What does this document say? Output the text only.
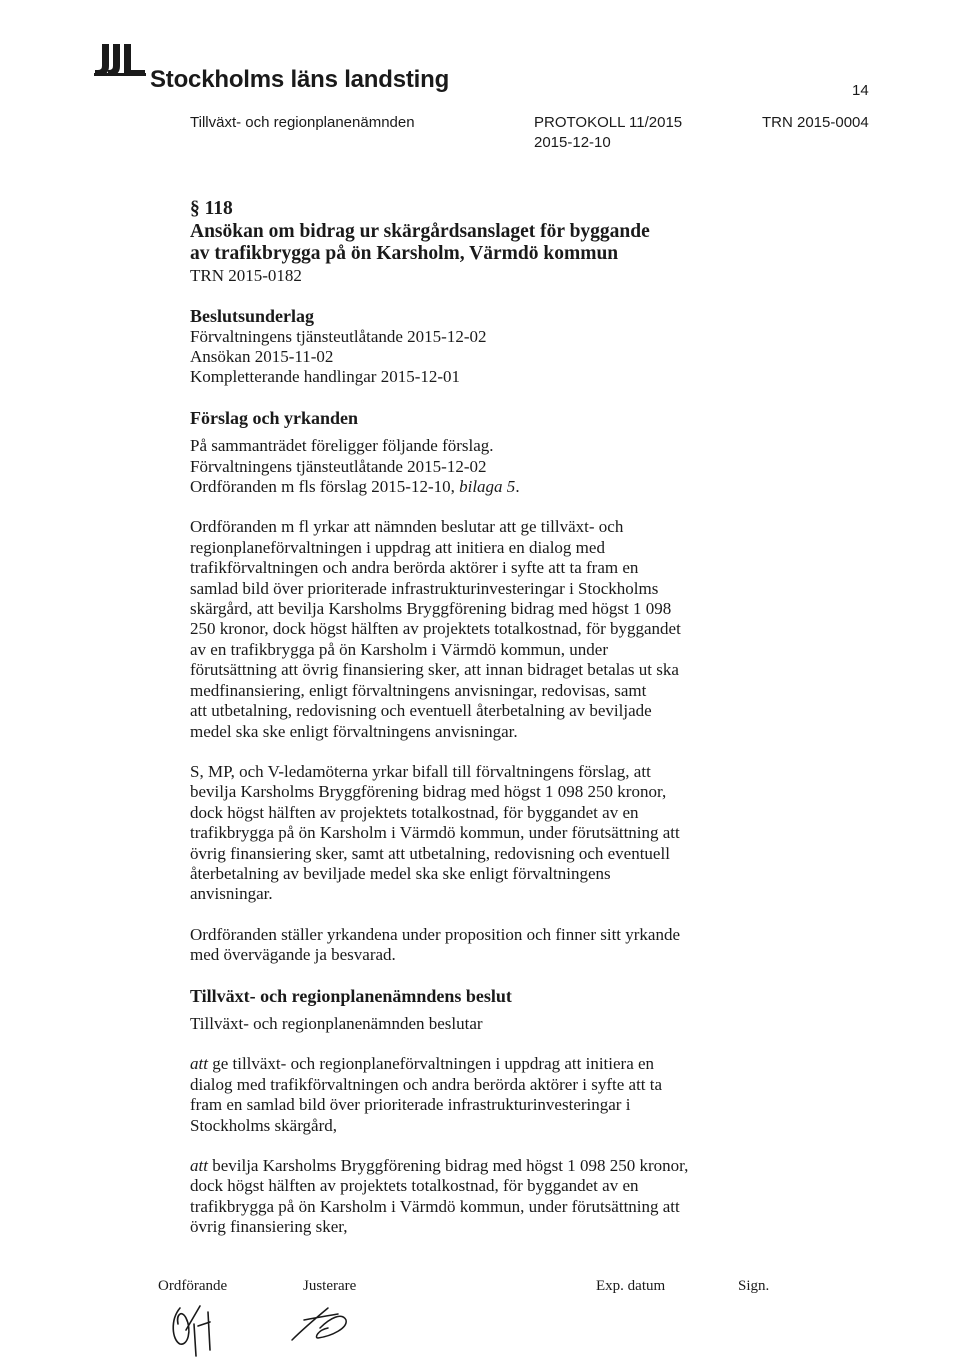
Stockholms läns landsting	14
Tillväxt- och regionplanenämnden	PROTOKOLL 11/2015
2015-12-10
TRN 2015-0004
§ 118
Ansökan om bidrag ur skärgårdsanslaget för byggande
av trafikbrygga på ön Karsholm, Värmdö kommun
TRN 2015-0182
Beslutsunderlag
Förvaltningens tjänsteutlåtande 2015-12-02
Ansökan 2015-11-02
Kompletterande handlingar 2015-12-01
Förslag och yrkanden
På sammanträdet föreligger följande förslag.
Förvaltningens tjänsteutlåtande 2015-12-02
Ordföranden m fls förslag 2015-12-10, bilaga 5.
Ordföranden m fl yrkar att nämnden beslutar att ge tillväxt- och
regionplaneförvaltningen i uppdrag att initiera en dialog med
trafikförvaltningen och andra berörda aktörer i syfte att ta fram en
samlad bild över prioriterade infrastrukturinvesteringar i Stockholms
skärgård, att bevilja Karsholms Bryggförening bidrag med högst 1 098
250 kronor, dock högst hälften av projektets totalkostnad, för byggandet
av en trafikbrygga på ön Karsholm i Värmdö kommun, under
förutsättning att övrig finansiering sker, att innan bidraget betalas ut ska
medfinansiering, enligt förvaltningens anvisningar, redovisas, samt
att utbetalning, redovisning och eventuell återbetalning av beviljade
medel ska ske enligt förvaltningens anvisningar.
S, MP, och V-ledamöterna yrkar bifall till förvaltningens förslag, att
bevilja Karsholms Bryggförening bidrag med högst 1 098 250 kronor,
dock högst hälften av projektets totalkostnad, för byggandet av en
trafikbrygga på ön Karsholm i Värmdö kommun, under förutsättning att
övrig finansiering sker, samt att utbetalning, redovisning och eventuell
återbetalning av beviljade medel ska ske enligt förvaltningens
anvisningar.
Ordföranden ställer yrkandena under proposition och finner sitt yrkande
med övervägande ja besvarad.
Tillväxt- och regionplanenämndens beslut
Tillväxt- och regionplanenämnden beslutar
att ge tillväxt- och regionplaneförvaltningen i uppdrag att initiera en
dialog med trafikförvaltningen och andra berörda aktörer i syfte att ta
fram en samlad bild över prioriterade infrastrukturinvesteringar i
Stockholms skärgård,
att bevilja Karsholms Bryggförening bidrag med högst 1 098 250 kronor,
dock högst hälften av projektets totalkostnad, för byggandet av en
trafikbrygga på ön Karsholm i Värmdö kommun, under förutsättning att
övrig finansiering sker,
Ordförande	Justerare	Exp. datum	Sign.
